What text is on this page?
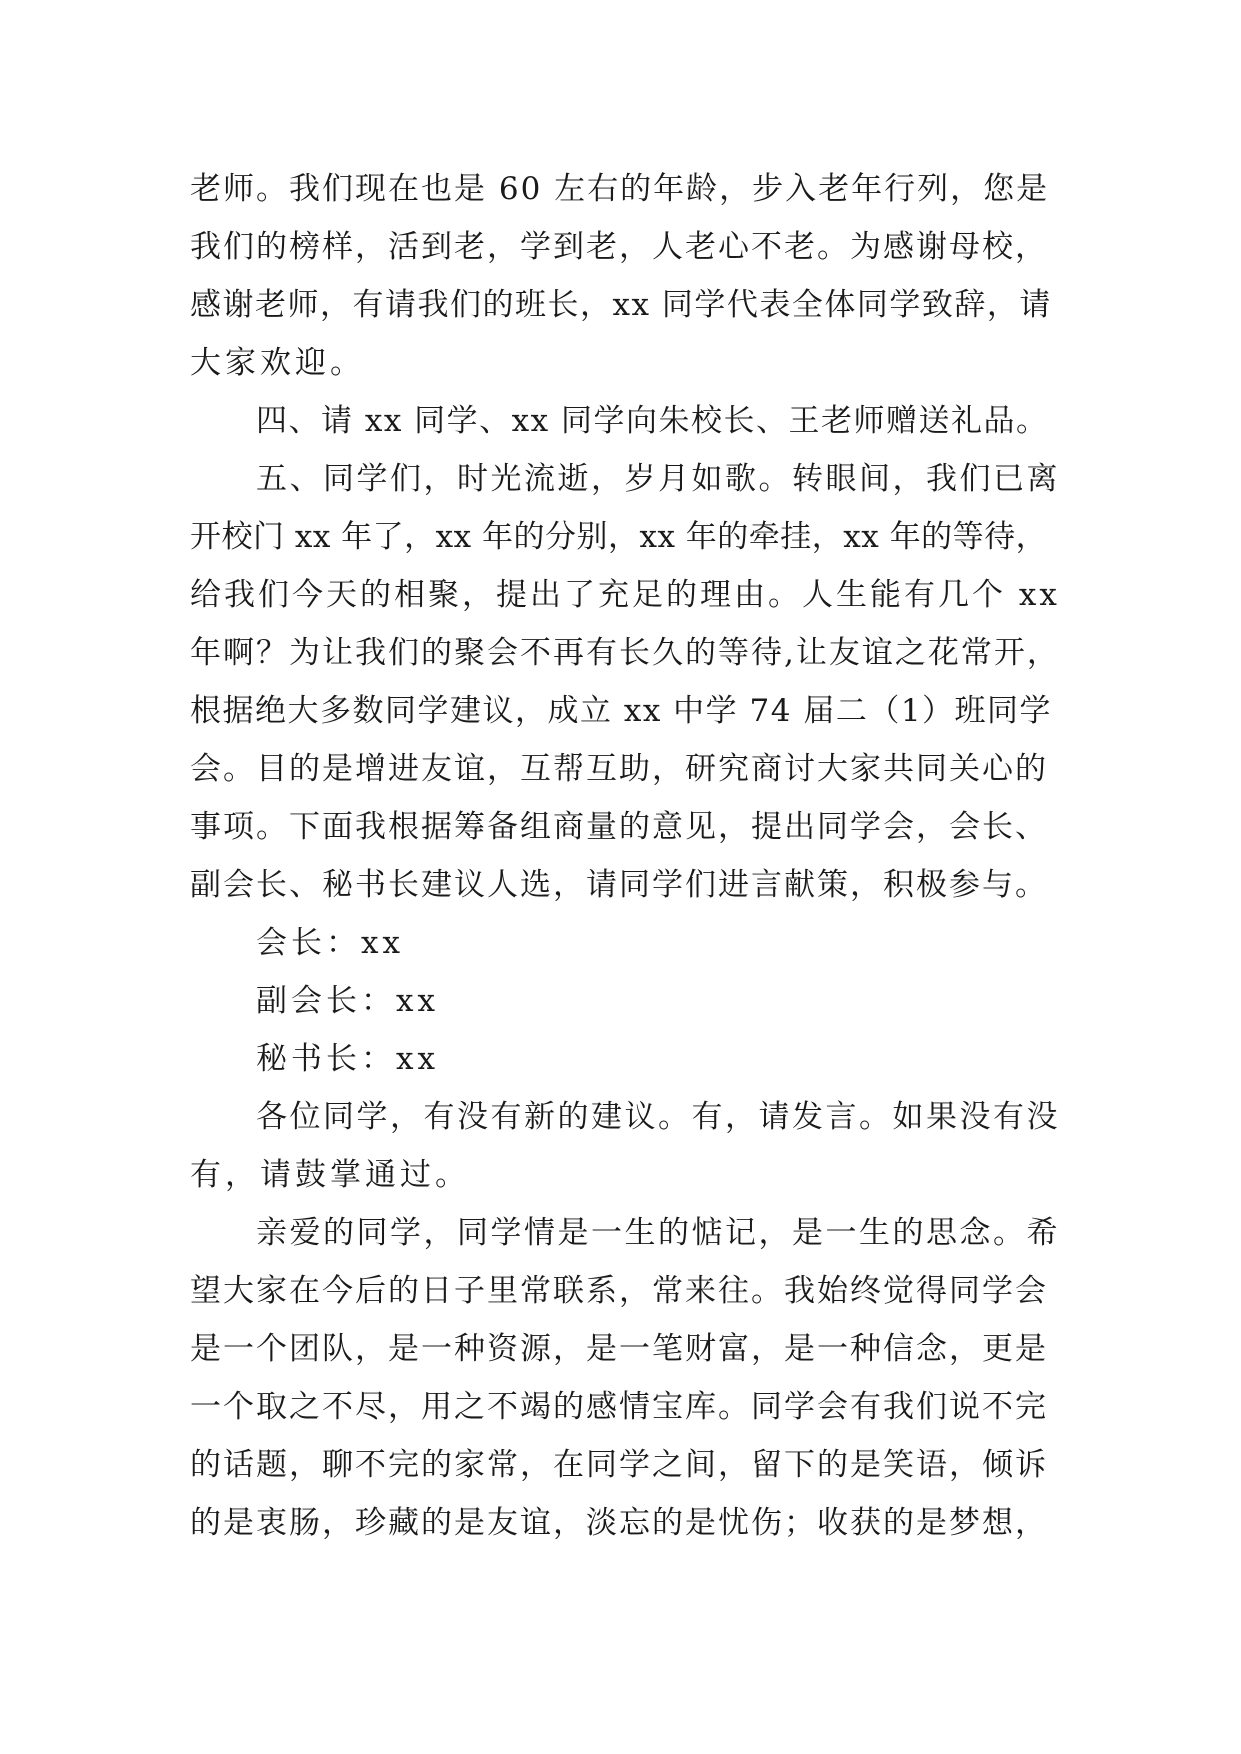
老师。我们现在也是 60 左右的年龄，步入老年行列，您是
我们的榜样，活到老，学到老，人老心不老。为感谢母校，
感谢老师，有请我们的班长，xx 同学代表全体同学致辞，请
大家欢迎。
四、请 xx 同学、xx 同学向朱校长、王老师赠送礼品。
五、同学们，时光流逝，岁月如歌。转眼间，我们已离
开校门 xx 年了，xx 年的分别，xx 年的牵挂，xx 年的等待，
给我们今天的相聚，提出了充足的理由。人生能有几个 xx
年啊？为让我们的聚会不再有长久的等待,让友谊之花常开，
根据绝大多数同学建议，成立 xx 中学 74 届二（1）班同学
会。目的是增进友谊，互帮互助，研究商讨大家共同关心的
事项。下面我根据筹备组商量的意见，提出同学会，会长、
副会长、秘书长建议人选，请同学们进言献策，积极参与。
会长：xx
副会长：xx
秘书长：xx
各位同学，有没有新的建议。有，请发言。如果没有没
有，请鼓掌通过。
亲爱的同学，同学情是一生的惦记，是一生的思念。希
望大家在今后的日子里常联系，常来往。我始终觉得同学会
是一个团队，是一种资源，是一笔财富，是一种信念，更是
一个取之不尽，用之不竭的感情宝库。同学会有我们说不完
的话题，聊不完的家常，在同学之间，留下的是笑语，倾诉
的是衷肠，珍藏的是友谊，淡忘的是忧伤；收获的是梦想，
